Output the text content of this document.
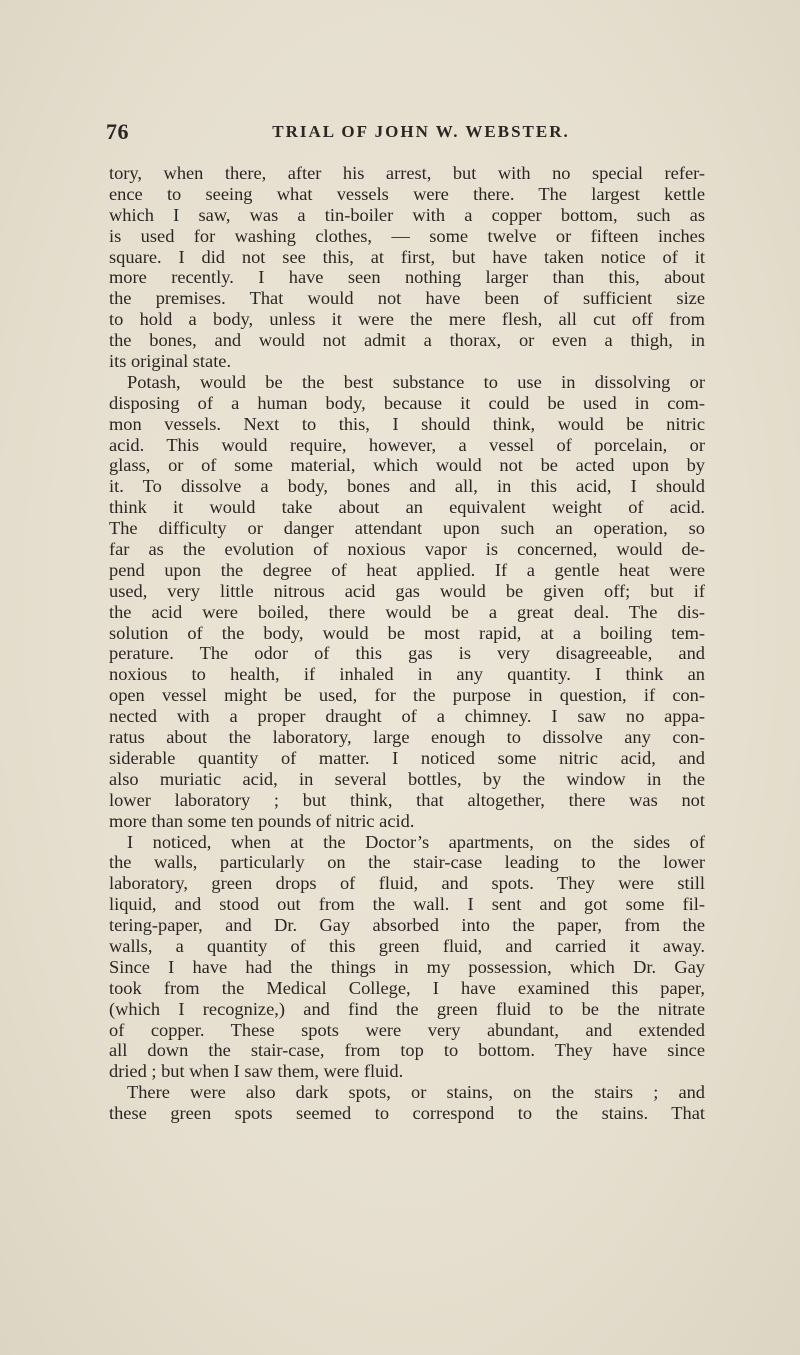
76	TRIAL OF JOHN W. WEBSTER.
tory, when there, after his arrest, but with no special refer-
ence to seeing what vessels were there. The largest kettle
which I saw, was a tin-boiler with a copper bottom, such as
is used for washing clothes, — some twelve or fifteen inches
square. I did not see this, at first, but have taken notice of it
more recently. I have seen nothing larger than this, about
the premises. That would not have been of sufficient size
to hold a body, unless it were the mere flesh, all cut off from
the bones, and would not admit a thorax, or even a thigh, in
its original state.
Potash, would be the best substance to use in dissolving or
disposing of a human body, because it could be used in com-
mon vessels. Next to this, I should think, would be nitric
acid. This would require, however, a vessel of porcelain, or
glass, or of some material, which would not be acted upon by
it. To dissolve a body, bones and all, in this acid, I should
think it would take about an equivalent weight of acid.
The difficulty or danger attendant upon such an operation, so
far as the evolution of noxious vapor is concerned, would de-
pend upon the degree of heat applied. If a gentle heat were
used, very little nitrous acid gas would be given off; but if
the acid were boiled, there would be a great deal. The dis-
solution of the body, would be most rapid, at a boiling tem-
perature. The odor of this gas is very disagreeable, and
noxious to health, if inhaled in any quantity. I think an
open vessel might be used, for the purpose in question, if con-
nected with a proper draught of a chimney. I saw no appa-
ratus about the laboratory, large enough to dissolve any con-
siderable quantity of matter. I noticed some nitric acid, and
also muriatic acid, in several bottles, by the window in the
lower laboratory ; but think, that altogether, there was not
more than some ten pounds of nitric acid.
I noticed, when at the Doctor’s apartments, on the sides of
the walls, particularly on the stair-case leading to the lower
laboratory, green drops of fluid, and spots. They were still
liquid, and stood out from the wall. I sent and got some fil-
tering-paper, and Dr. Gay absorbed into the paper, from the
walls, a quantity of this green fluid, and carried it away.
Since I have had the things in my possession, which Dr. Gay
took from the Medical College, I have examined this paper,
(which I recognize,) and find the green fluid to be the nitrate
of copper. These spots were very abundant, and extended
all down the stair-case, from top to bottom. They have since
dried ; but when I saw them, were fluid.
There were also dark spots, or stains, on the stairs ; and
these green spots seemed to correspond to the stains. That
